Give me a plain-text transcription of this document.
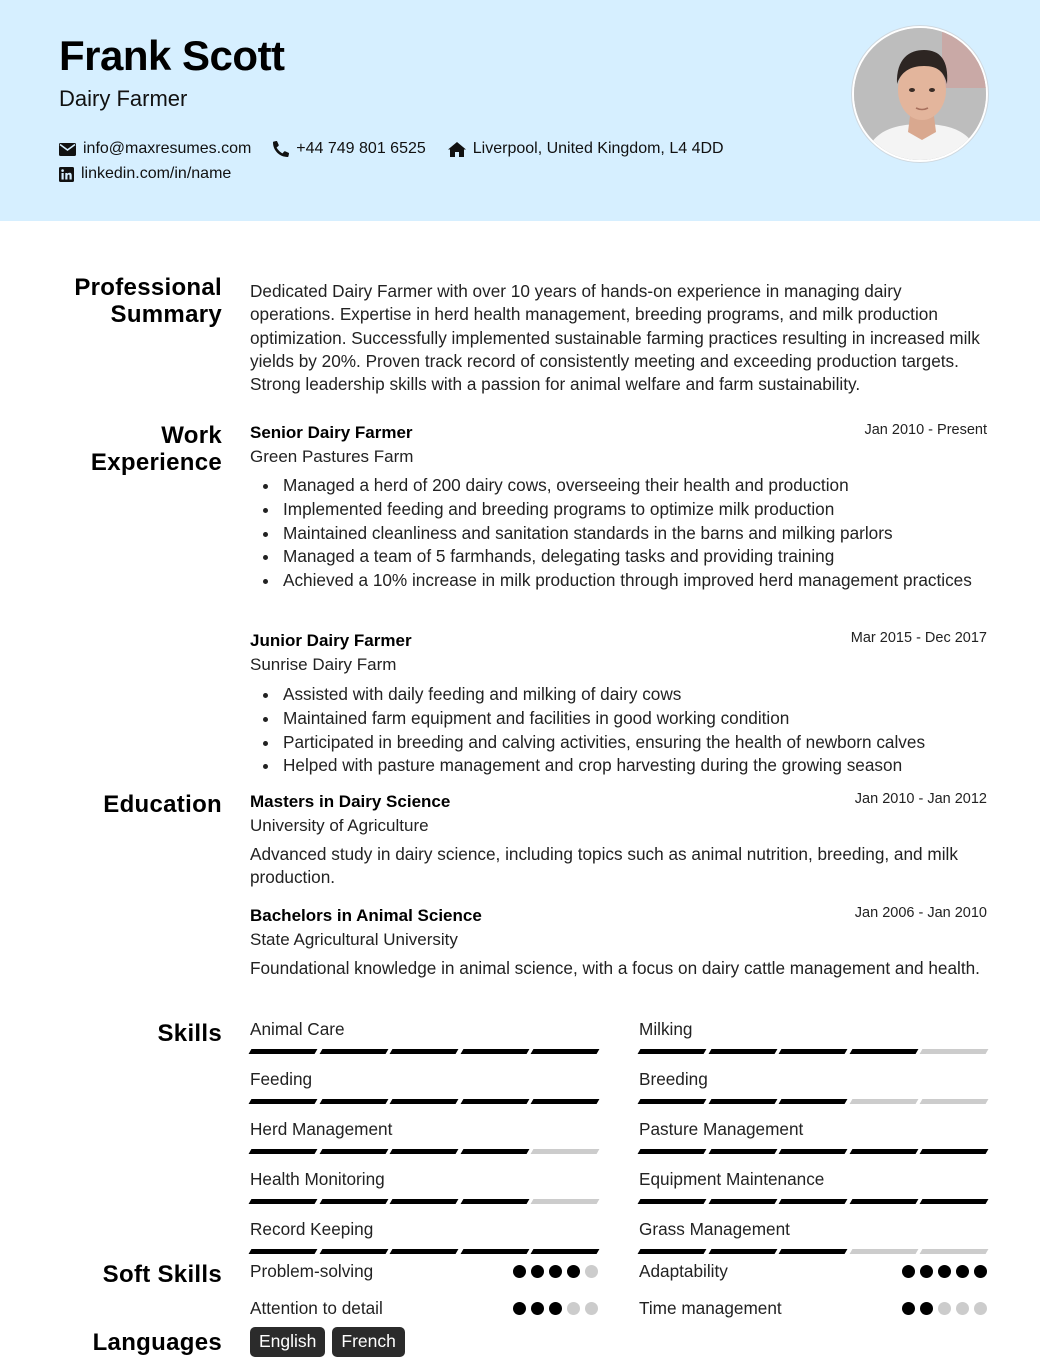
Frank Scott
Dairy Farmer
info@maxresumes.com	+44 749 801 6525	Liverpool, United Kingdom, L4 4DD
linkedin.com/in/name
Professional
Summary
Dedicated Dairy Farmer with over 10 years of hands-on experience in managing dairy operations. Expertise in herd health management, breeding programs, and milk production optimization. Successfully implemented sustainable farming practices resulting in increased milk yields by 20%. Proven track record of consistently meeting and exceeding production targets. Strong leadership skills with a passion for animal welfare and farm sustainability.
Work
Experience
Senior Dairy Farmer	Jan 2010 - Present
Green Pastures Farm
Managed a herd of 200 dairy cows, overseeing their health and production
Implemented feeding and breeding programs to optimize milk production
Maintained cleanliness and sanitation standards in the barns and milking parlors
Managed a team of 5 farmhands, delegating tasks and providing training
Achieved a 10% increase in milk production through improved herd management practices
Junior Dairy Farmer	Mar 2015 - Dec 2017
Sunrise Dairy Farm
Assisted with daily feeding and milking of dairy cows
Maintained farm equipment and facilities in good working condition
Participated in breeding and calving activities, ensuring the health of newborn calves
Helped with pasture management and crop harvesting during the growing season
Education Masters in Dairy Science	Jan 2010 - Jan 2012
University of Agriculture
Advanced study in dairy science, including topics such as animal nutrition, breeding, and milk production.
Bachelors in Animal Science	Jan 2006 - Jan 2010
State Agricultural University
Foundational knowledge in animal science, with a focus on dairy cattle management and health.
Skills Animal Care	Milking
Feeding	Breeding
Herd Management	Pasture Management
Health Monitoring	Equipment Maintenance
Record Keeping	Grass Management
Soft Skills Problem-solving	Adaptability
Attention to detail	Time management
Languages	English	French
